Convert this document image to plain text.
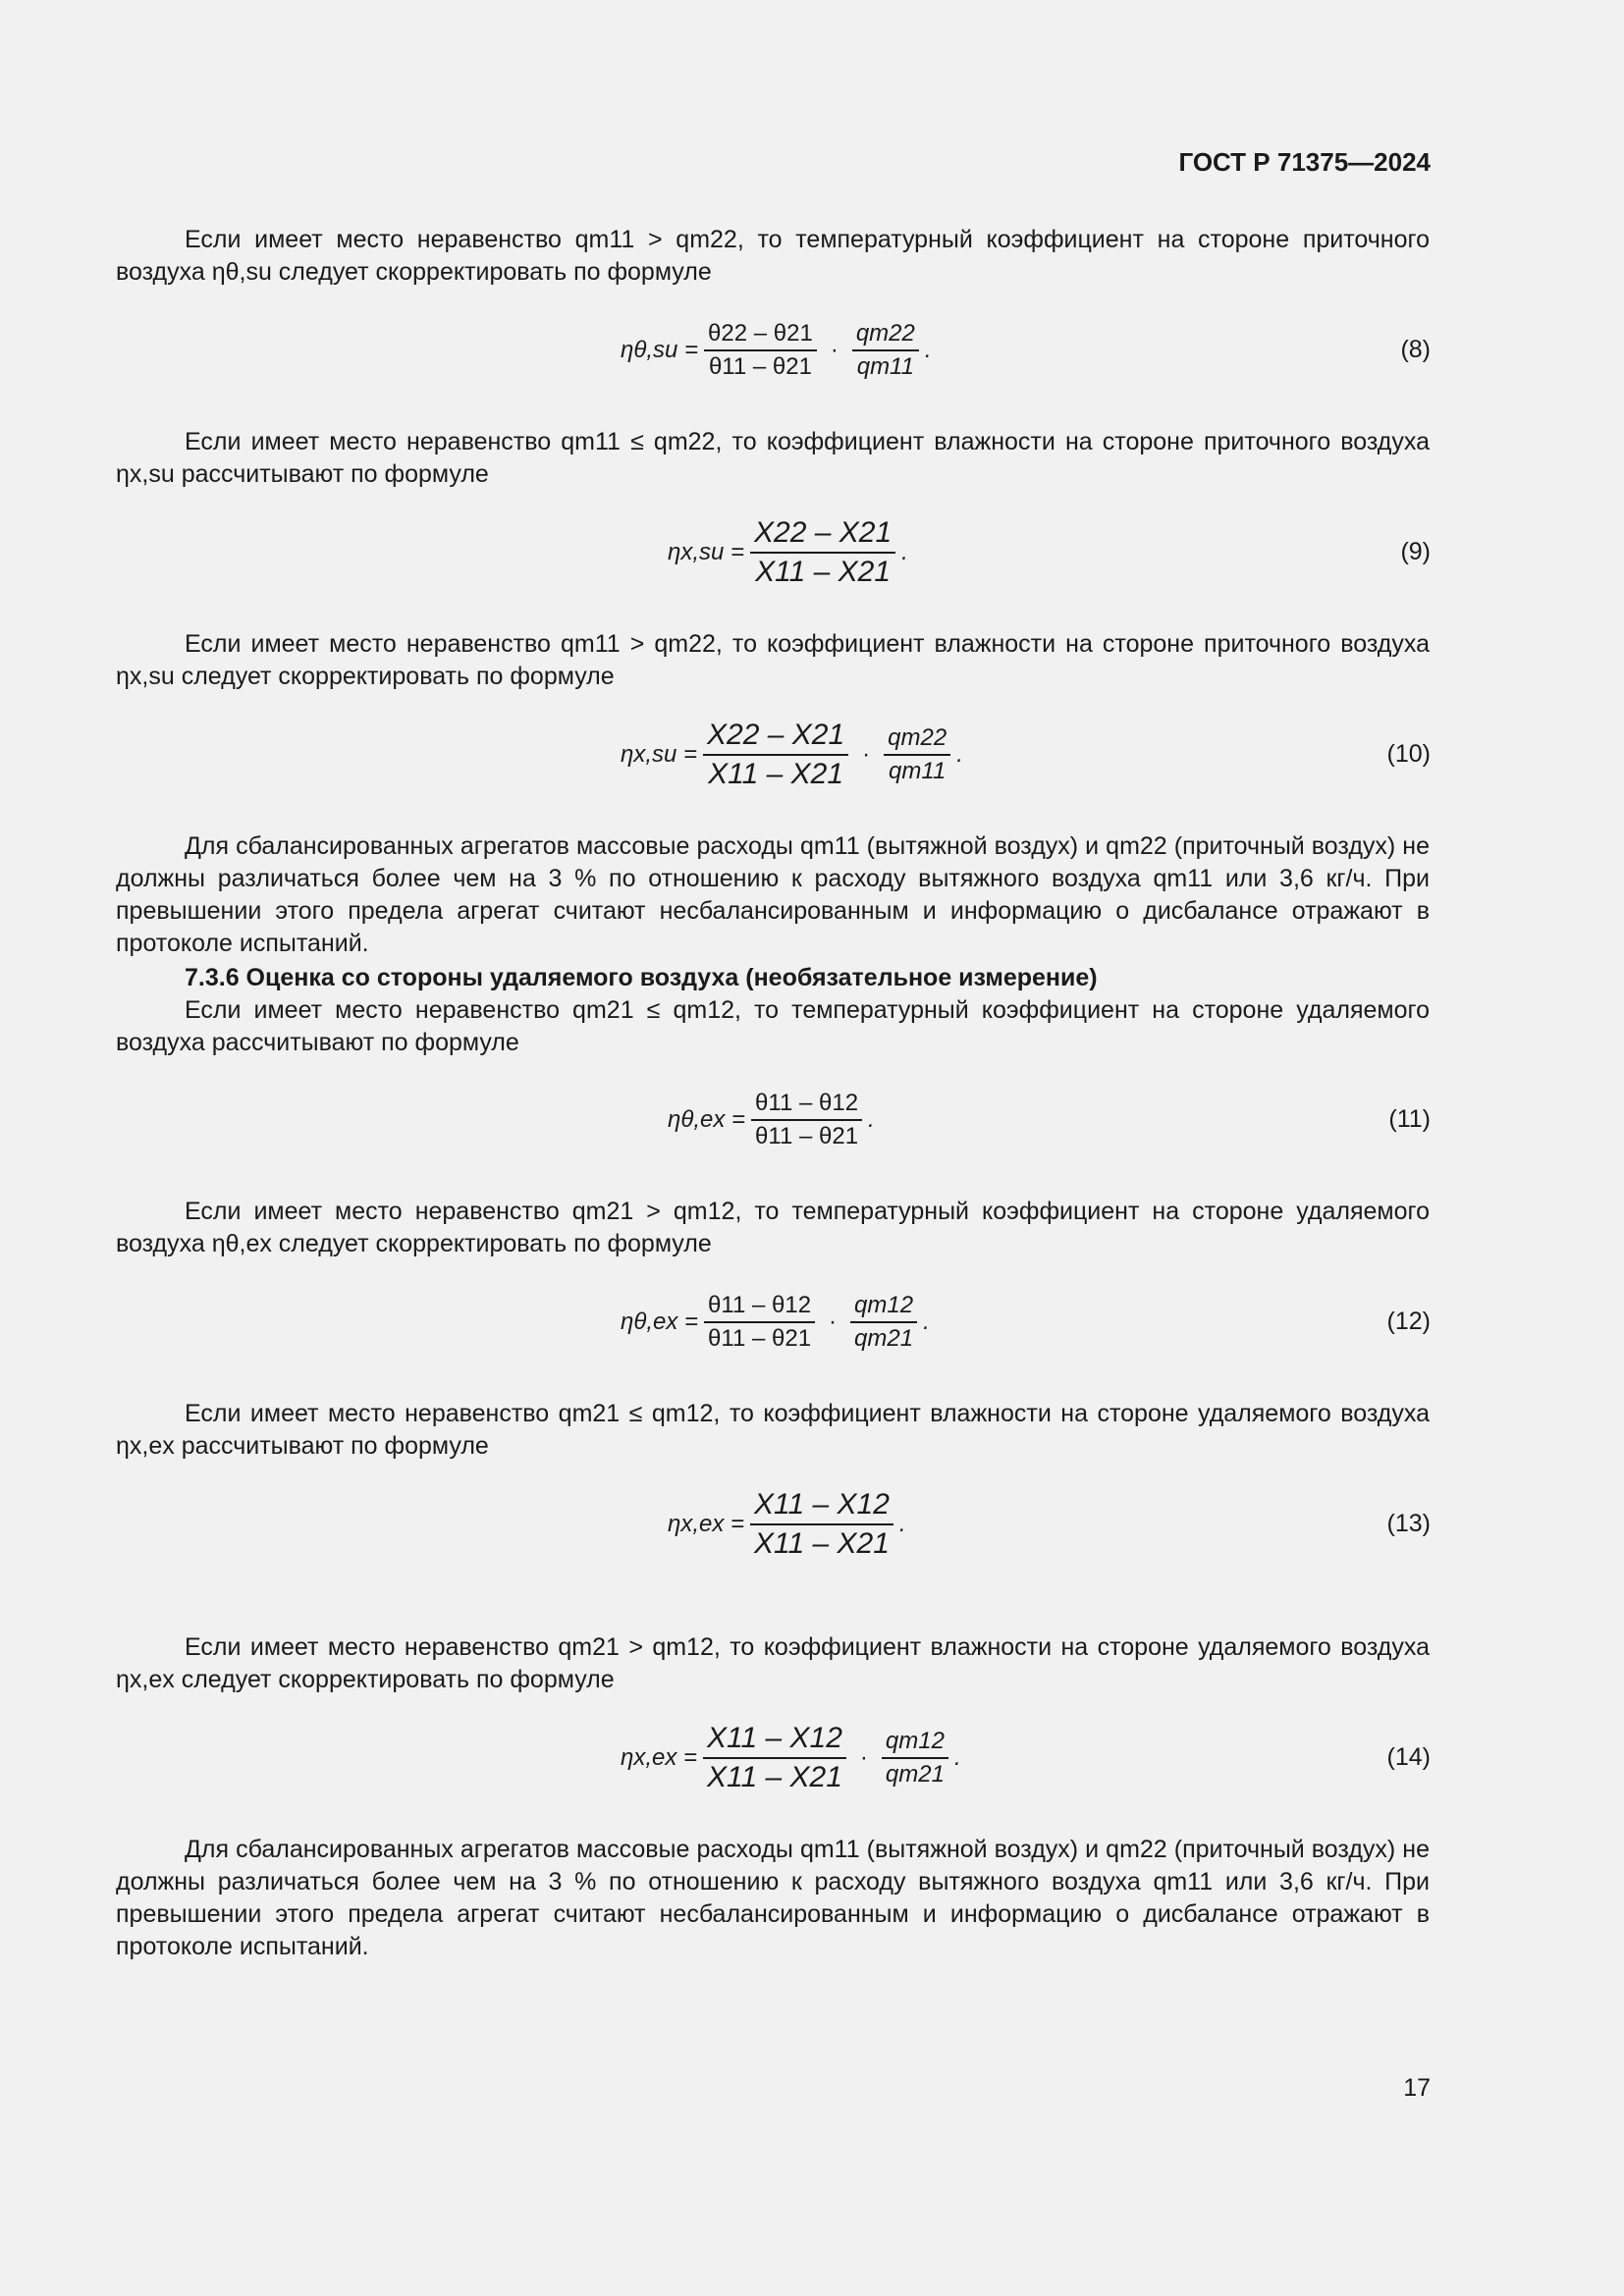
ГОСТ Р 71375—2024
Если имеет место неравенство qm11 > qm22, то температурный коэффициент на стороне приточного воздуха ηθ,su следует скорректировать по формуле
$\eta\theta,su = \frac{\theta 22 - \theta 21}{\theta 11 - \theta 21} \cdot \frac{qm22}{qm11}$ .	(8)
Если имеет место неравенство qm11 ≤ qm22, то коэффициент влажности на стороне приточного воздуха ηx,su рассчитывают по формуле
$\eta x,su = \frac{X22 - X21}{X11 - X21}$ .	(9)
Если имеет место неравенство qm11 > qm22, то коэффициент влажности на стороне приточного воздуха ηx,su следует скорректировать по формуле
$\eta x,su = \frac{X22 - X21}{X11 - X21} \cdot \frac{qm22}{qm11}$ .	(10)
Для сбалансированных агрегатов массовые расходы qm11 (вытяжной воздух) и qm22 (приточный воздух) не должны различаться более чем на 3 % по отношению к расходу вытяжного воздуха qm11 или 3,6 кг/ч. При превышении этого предела агрегат считают несбалансированным и информацию о дисбалансе отражают в протоколе испытаний.
7.3.6 Оценка со стороны удаляемого воздуха (необязательное измерение)
Если имеет место неравенство qm21 ≤ qm12, то температурный коэффициент на стороне удаляемого воздуха рассчитывают по формуле
$\eta\theta,ex = \frac{\theta 11 - \theta 12}{\theta 11 - \theta 21}$ .	(11)
Если имеет место неравенство qm21 > qm12, то температурный коэффициент на стороне удаляемого воздуха ηθ,ex следует скорректировать по формуле
$\eta\theta,ex = \frac{\theta 11 - \theta 12}{\theta 11 - \theta 21} \cdot \frac{qm12}{qm21}$ .	(12)
Если имеет место неравенство qm21 ≤ qm12, то коэффициент влажности на стороне удаляемого воздуха ηx,ex рассчитывают по формуле
$\eta x,ex = \frac{X11 - X12}{X11 - X21}$ .	(13)
Если имеет место неравенство qm21 > qm12, то коэффициент влажности на стороне удаляемого воздуха ηx,ex следует скорректировать по формуле
$\eta x,ex = \frac{X11 - X12}{X11 - X21} \cdot \frac{qm12}{qm21}$ .	(14)
Для сбалансированных агрегатов массовые расходы qm11 (вытяжной воздух) и qm22 (приточный воздух) не должны различаться более чем на 3 % по отношению к расходу вытяжного воздуха qm11 или 3,6 кг/ч. При превышении этого предела агрегат считают несбалансированным и информацию о дисбалансе отражают в протоколе испытаний.
17
